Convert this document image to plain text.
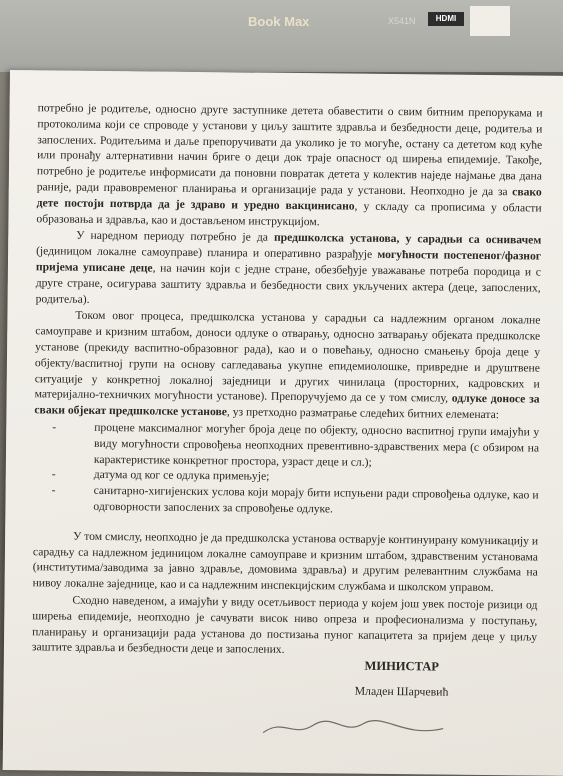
Book Max	X541N	HDMI

потребно је родитеље, односно друге заступнике детета обавестити о свим битним препорукама и протоколима који се спроводе у установи у циљу заштите здравља и безбедности деце, родитеља и запослених. Родитељима и даље препоручивати да уколико је то могуће, остану са дететом код куће или пронађу алтернативни начин бриге о деци док траје опасност од ширења епидемије. Такође, потребно је родитеље информисати да поновни повратак детета у колектив наједе најмање два дана раније, ради правовременог планирања и организације рада у установи. Неопходно је да за свако дете постоји потврда да је здраво и уредно вакцинисано, у складу са прописима у области образовања и здравља, као и достављеном инструкцијом.

У наредном периоду потребно је да предшколска установа, у сарадњи са оснивачем (јединицом локалне самоуправе) планира и оперативно разрађује могућности постепеног/фазног пријема уписане деце, на начин који с једне стране, обезбеђује уважавање потреба породица и с друге стране, осигурава заштиту здравља и безбедности свих укључених актера (деце, запослених, родитеља).

Током овог процеса, предшколска установа у сарадњи са надлежним органом локалне самоуправе и кризним штабом, доноси одлуке о отварању, односно затварању објеката предшколске установе (прекиду васпитно-образовног рада), као и о повећању, односно смањењу броја деце у објекту/васпитној групи на основу сагледавања укупне епидемиолошке, привредне и друштвене ситуације у конкретној локалној заједници и других чинилаца (просторних, кадровских и материјално-техничких могућности установе). Препоручујемо да се у том смислу, одлуке доносе за сваки објекат предшколске установе, уз претходно разматрање следећих битних елемената:

- процене максималног могућег броја деце по објекту, односно васпитној групи имајући у виду могућности спровођења неопходних превентивно-здравствених мера (с обзиром на карактеристике конкретног простора, узраст деце и сл.);
- датума од ког се одлука примењује;
- санитарно-хигијенских услова који морају бити испуњени ради спровођења одлуке, као и одговорности запослених за спровођење одлуке.

У том смислу, неопходно је да предшколска установа остварује континуирану комуникацију и сарадњу са надлежном јединицом локалне самоуправе и кризним штабом, здравственим установама (институтима/заводима за јавно здравље, домовима здравља) и другим релевантним службама на нивоу локалне заједнице, као и са надлежним инспекцијским службама и школском управом.

Сходно наведеном, а имајући у виду осетљивост периода у којем још увек постоје ризици од ширења епидемије, неопходно је сачувати висок ниво опреза и професионализма у поступању, планирању и организацији рада установа до постизања пуног капацитета за пријем деце у циљу заштите здравља и безбедности деце и запослених.

МИНИСТАР
Младен Шарчевић
